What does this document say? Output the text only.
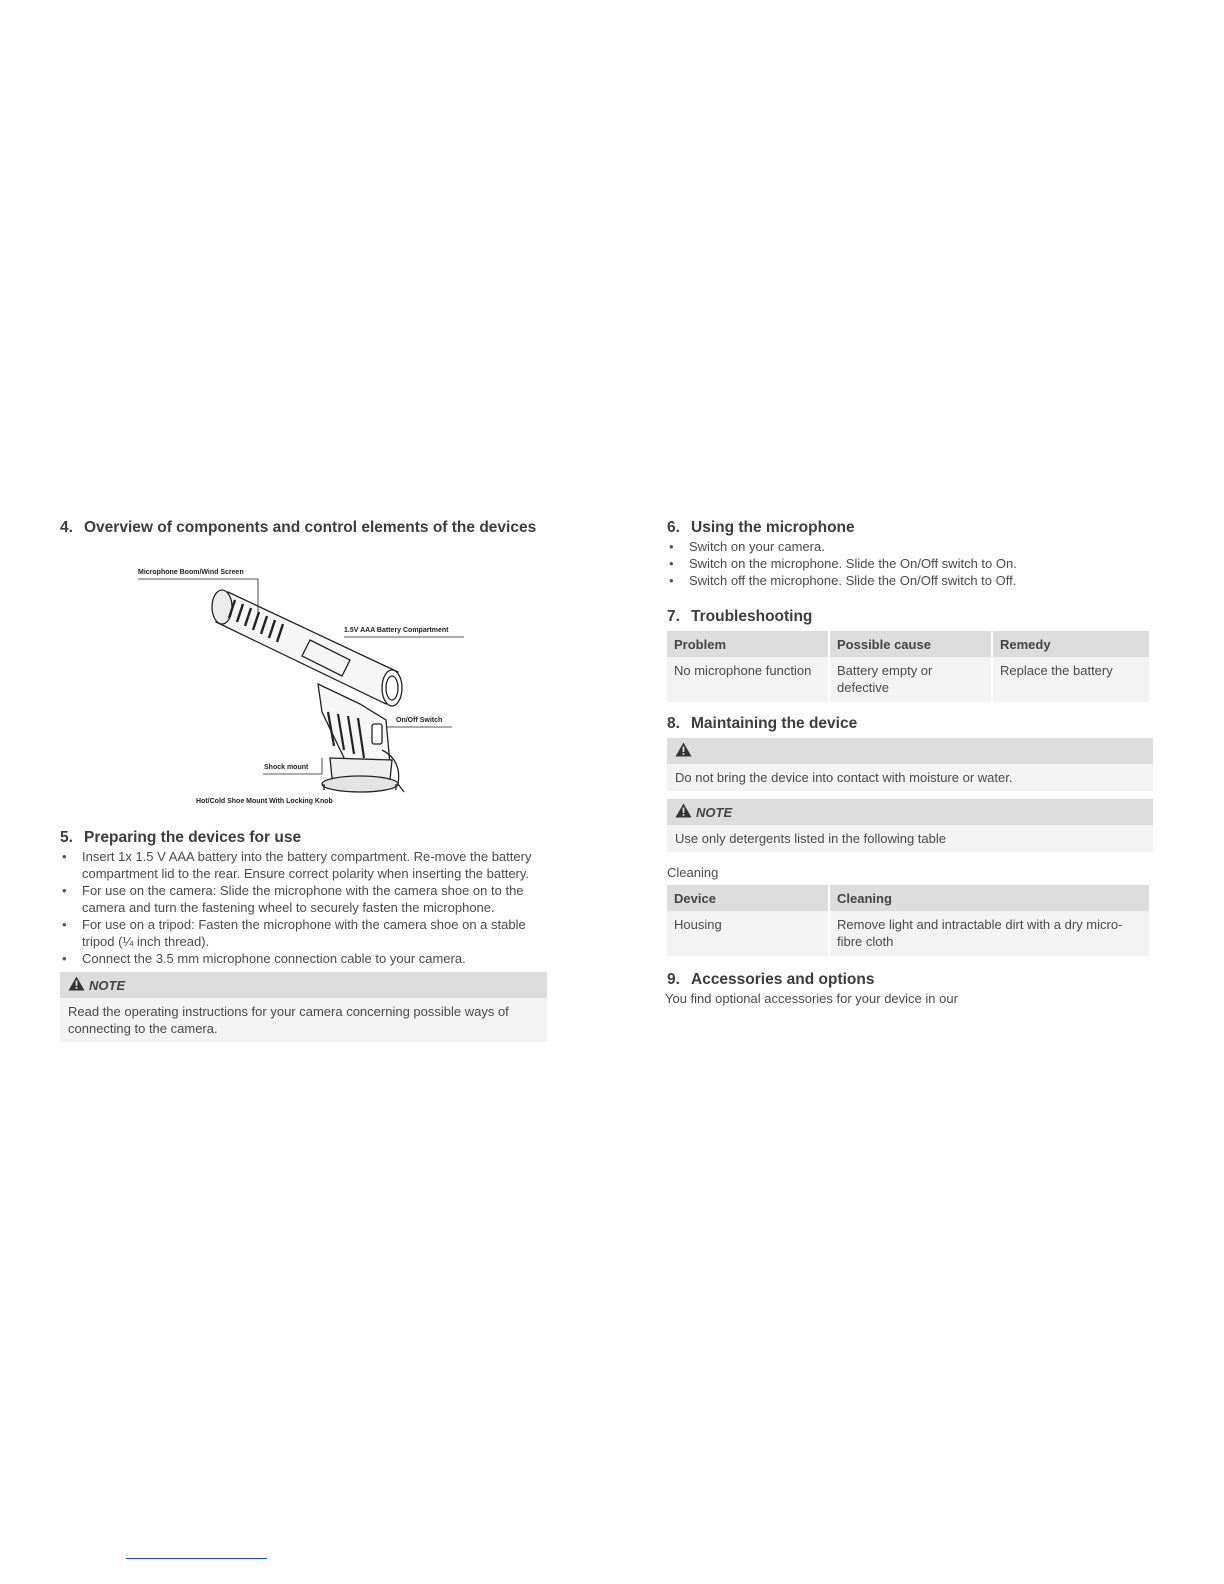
4. Overview of components and control elements of the devices
Microphone Boom/Wind Screen
1.5V AAA Battery Compartment
On/Off Switch
Shock mount
Hot/Cold Shoe Mount With Locking Knob
5. Preparing the devices for use
• Insert 1x 1.5 V AAA battery into the battery compartment. Re-move the battery compartment lid to the rear. Ensure correct polarity when inserting the battery.
• For use on the camera: Slide the microphone with the camera shoe on to the camera and turn the fastening wheel to securely fasten the microphone.
• For use on a tripod: Fasten the microphone with the camera shoe on a stable tripod (¼ inch thread).
• Connect the 3.5 mm microphone connection cable to your camera.
NOTE
Read the operating instructions for your camera concerning possible ways of connecting to the camera.
6. Using the microphone
• Switch on your camera.
• Switch on the microphone. Slide the On/Off switch to On.
• Switch off the microphone. Slide the On/Off switch to Off.
7. Troubleshooting
Problem	Possible cause	Remedy
No microphone function	Battery empty or defective	Replace the battery
8. Maintaining the device
Do not bring the device into contact with moisture or water.
NOTE
Use only detergents listed in the following table
Cleaning
Device	Cleaning
Housing	Remove light and intractable dirt with a dry micro-fibre cloth
9. Accessories and options
You find optional accessories for your device in our
